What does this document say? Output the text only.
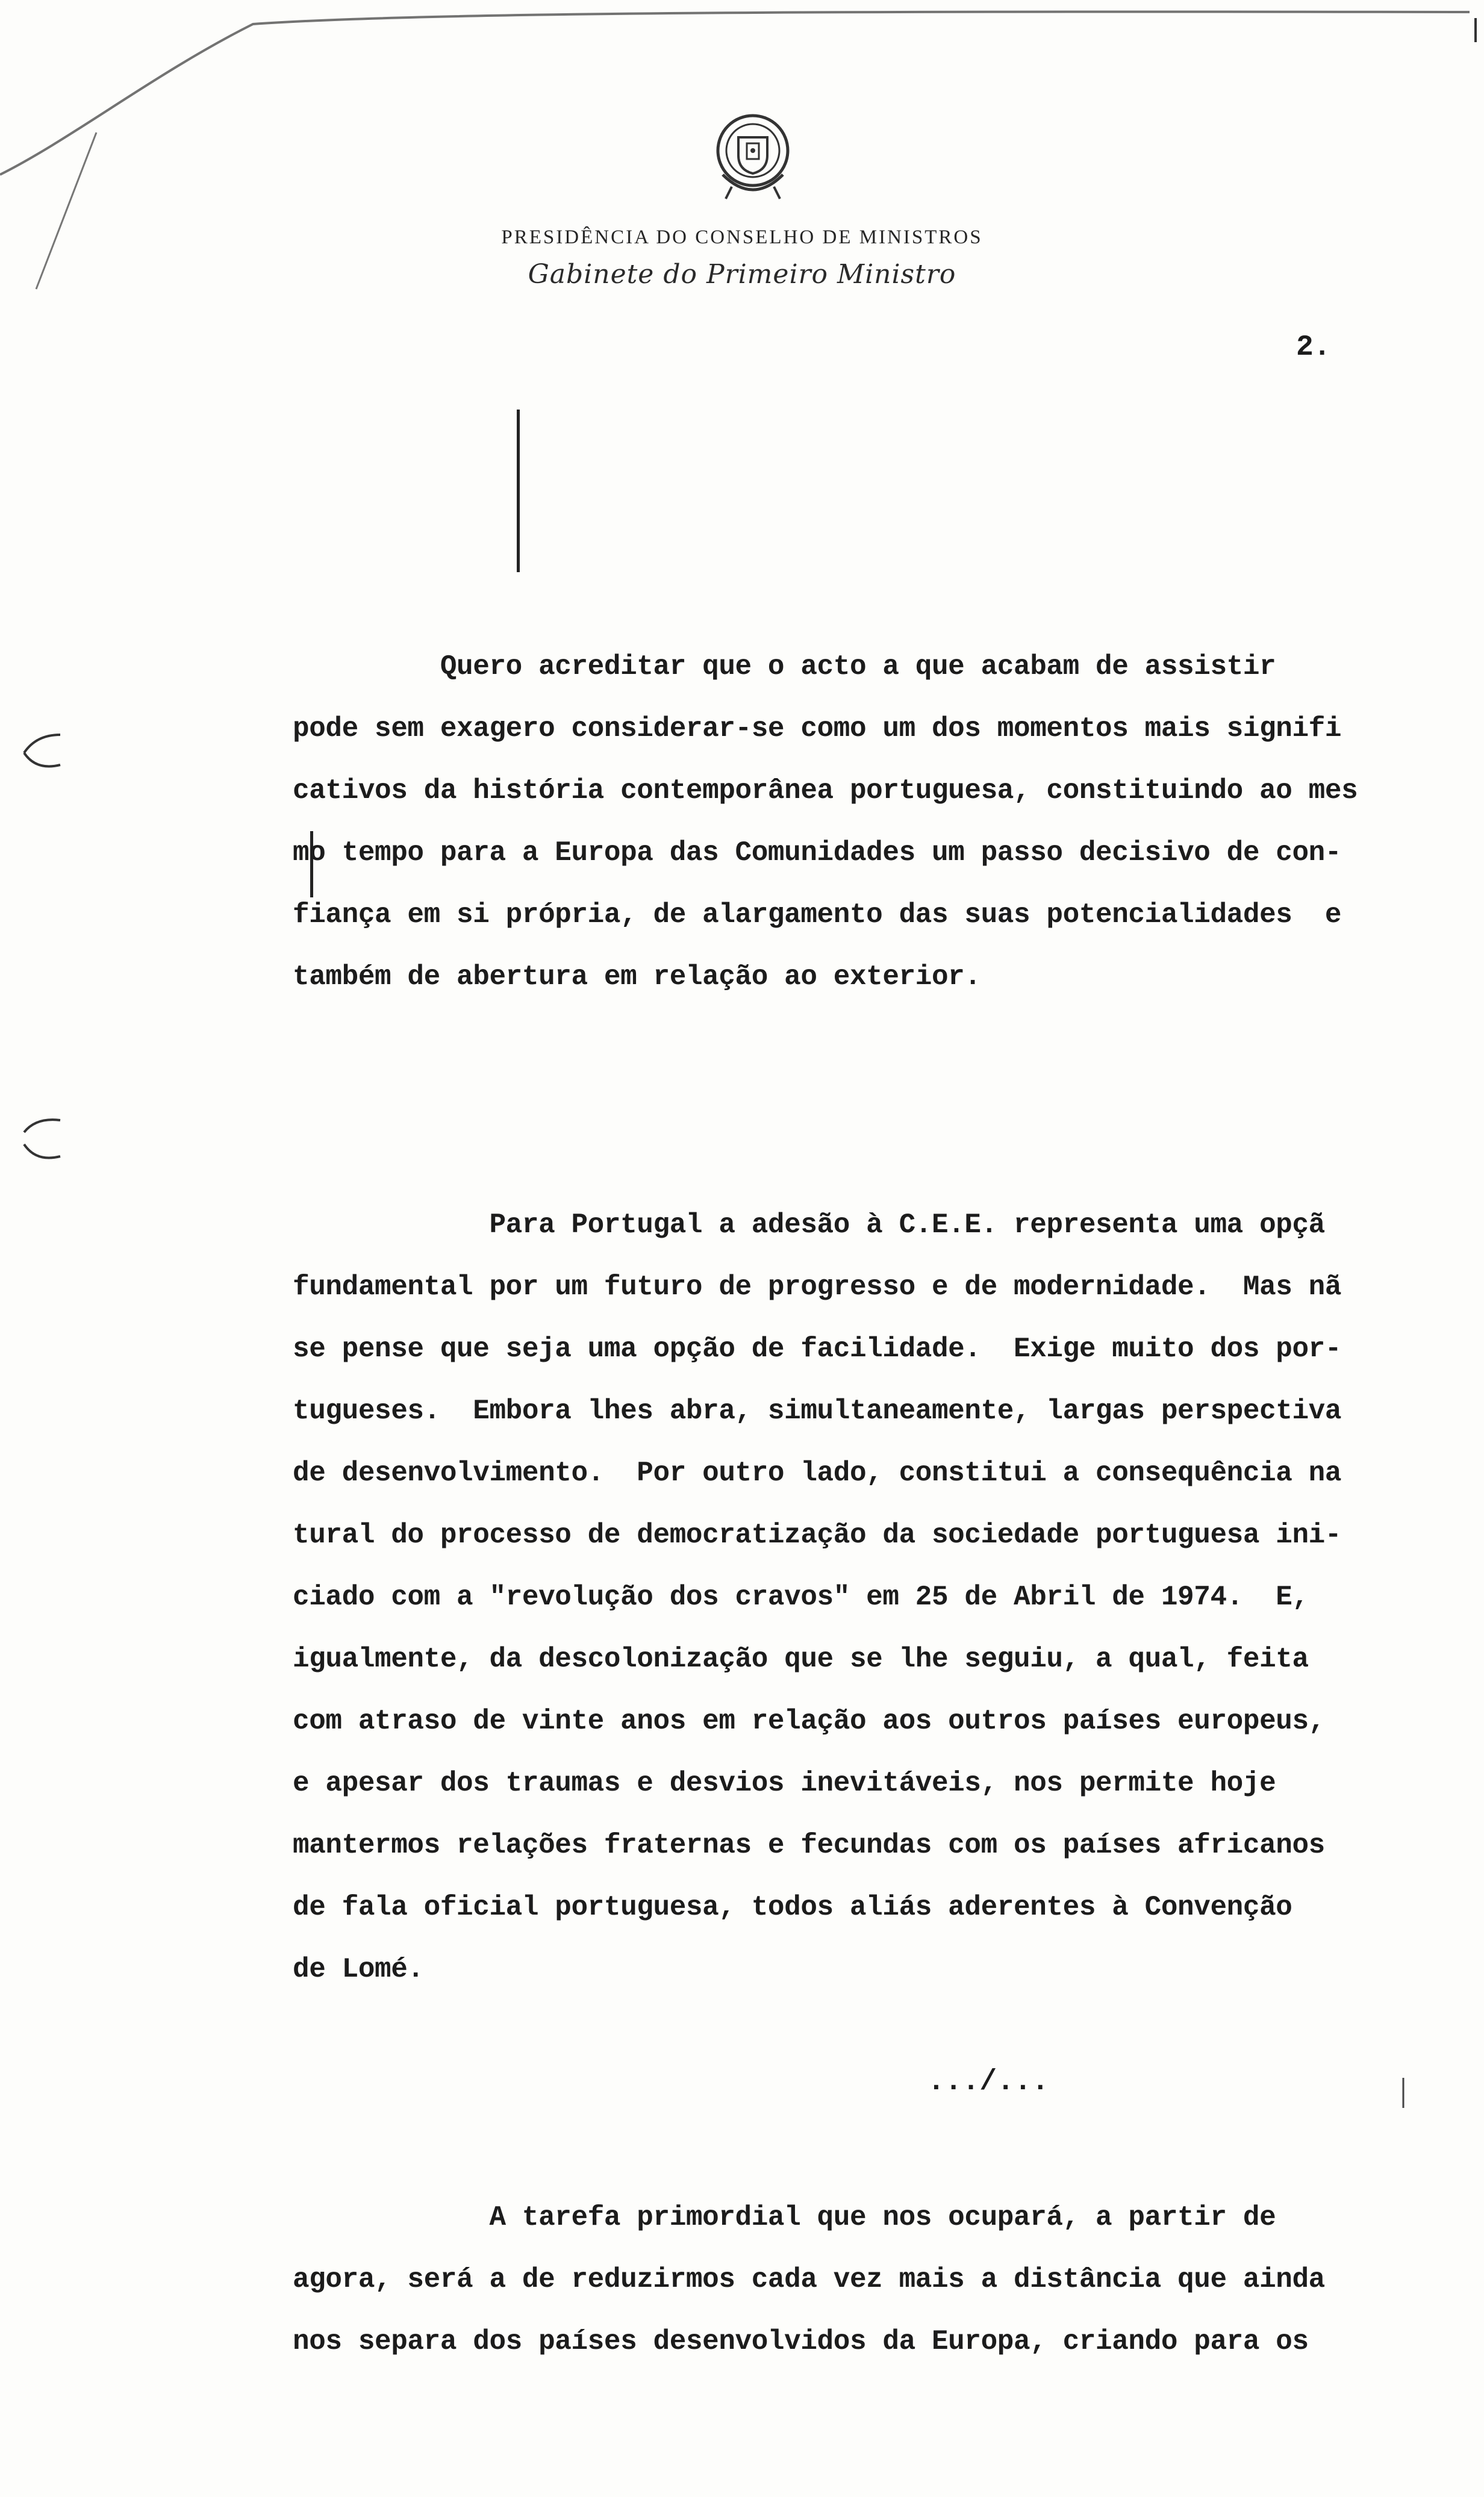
PRESIDÊNCIA DO CONSELHO DE MINISTROS
Gabinete do Primeiro Ministro
2.

Quero acreditar que o acto a que acabam de assistir
pode sem exagero considerar-se como um dos momentos mais signifi
cativos da história contemporânea portuguesa, constituindo ao mes
mo tempo para a Europa das Comunidades um passo decisivo de con-
fiança em si própria, de alargamento das suas potencialidades  e
também de abertura em relação ao exterior.

Para Portugal a adesão à C.E.E. representa uma opçã
fundamental por um futuro de progresso e de modernidade.  Mas nã
se pense que seja uma opção de facilidade.  Exige muito dos por-
tugueses.  Embora lhes abra, simultaneamente, largas perspectiva
de desenvolvimento.  Por outro lado, constitui a consequência na
tural do processo de democratização da sociedade portuguesa ini-
ciado com a "revolução dos cravos" em 25 de Abril de 1974.  E,
igualmente, da descolonização que se lhe seguiu, a qual, feita
com atraso de vinte anos em relação aos outros países europeus,
e apesar dos traumas e desvios inevitáveis, nos permite hoje
mantermos relações fraternas e fecundas com os países africanos
de fala oficial portuguesa, todos aliás aderentes à Convenção
de Lomé.

A tarefa primordial que nos ocupará, a partir de
agora, será a de reduzirmos cada vez mais a distância que ainda
nos separa dos países desenvolvidos da Europa, criando para os

.../...
